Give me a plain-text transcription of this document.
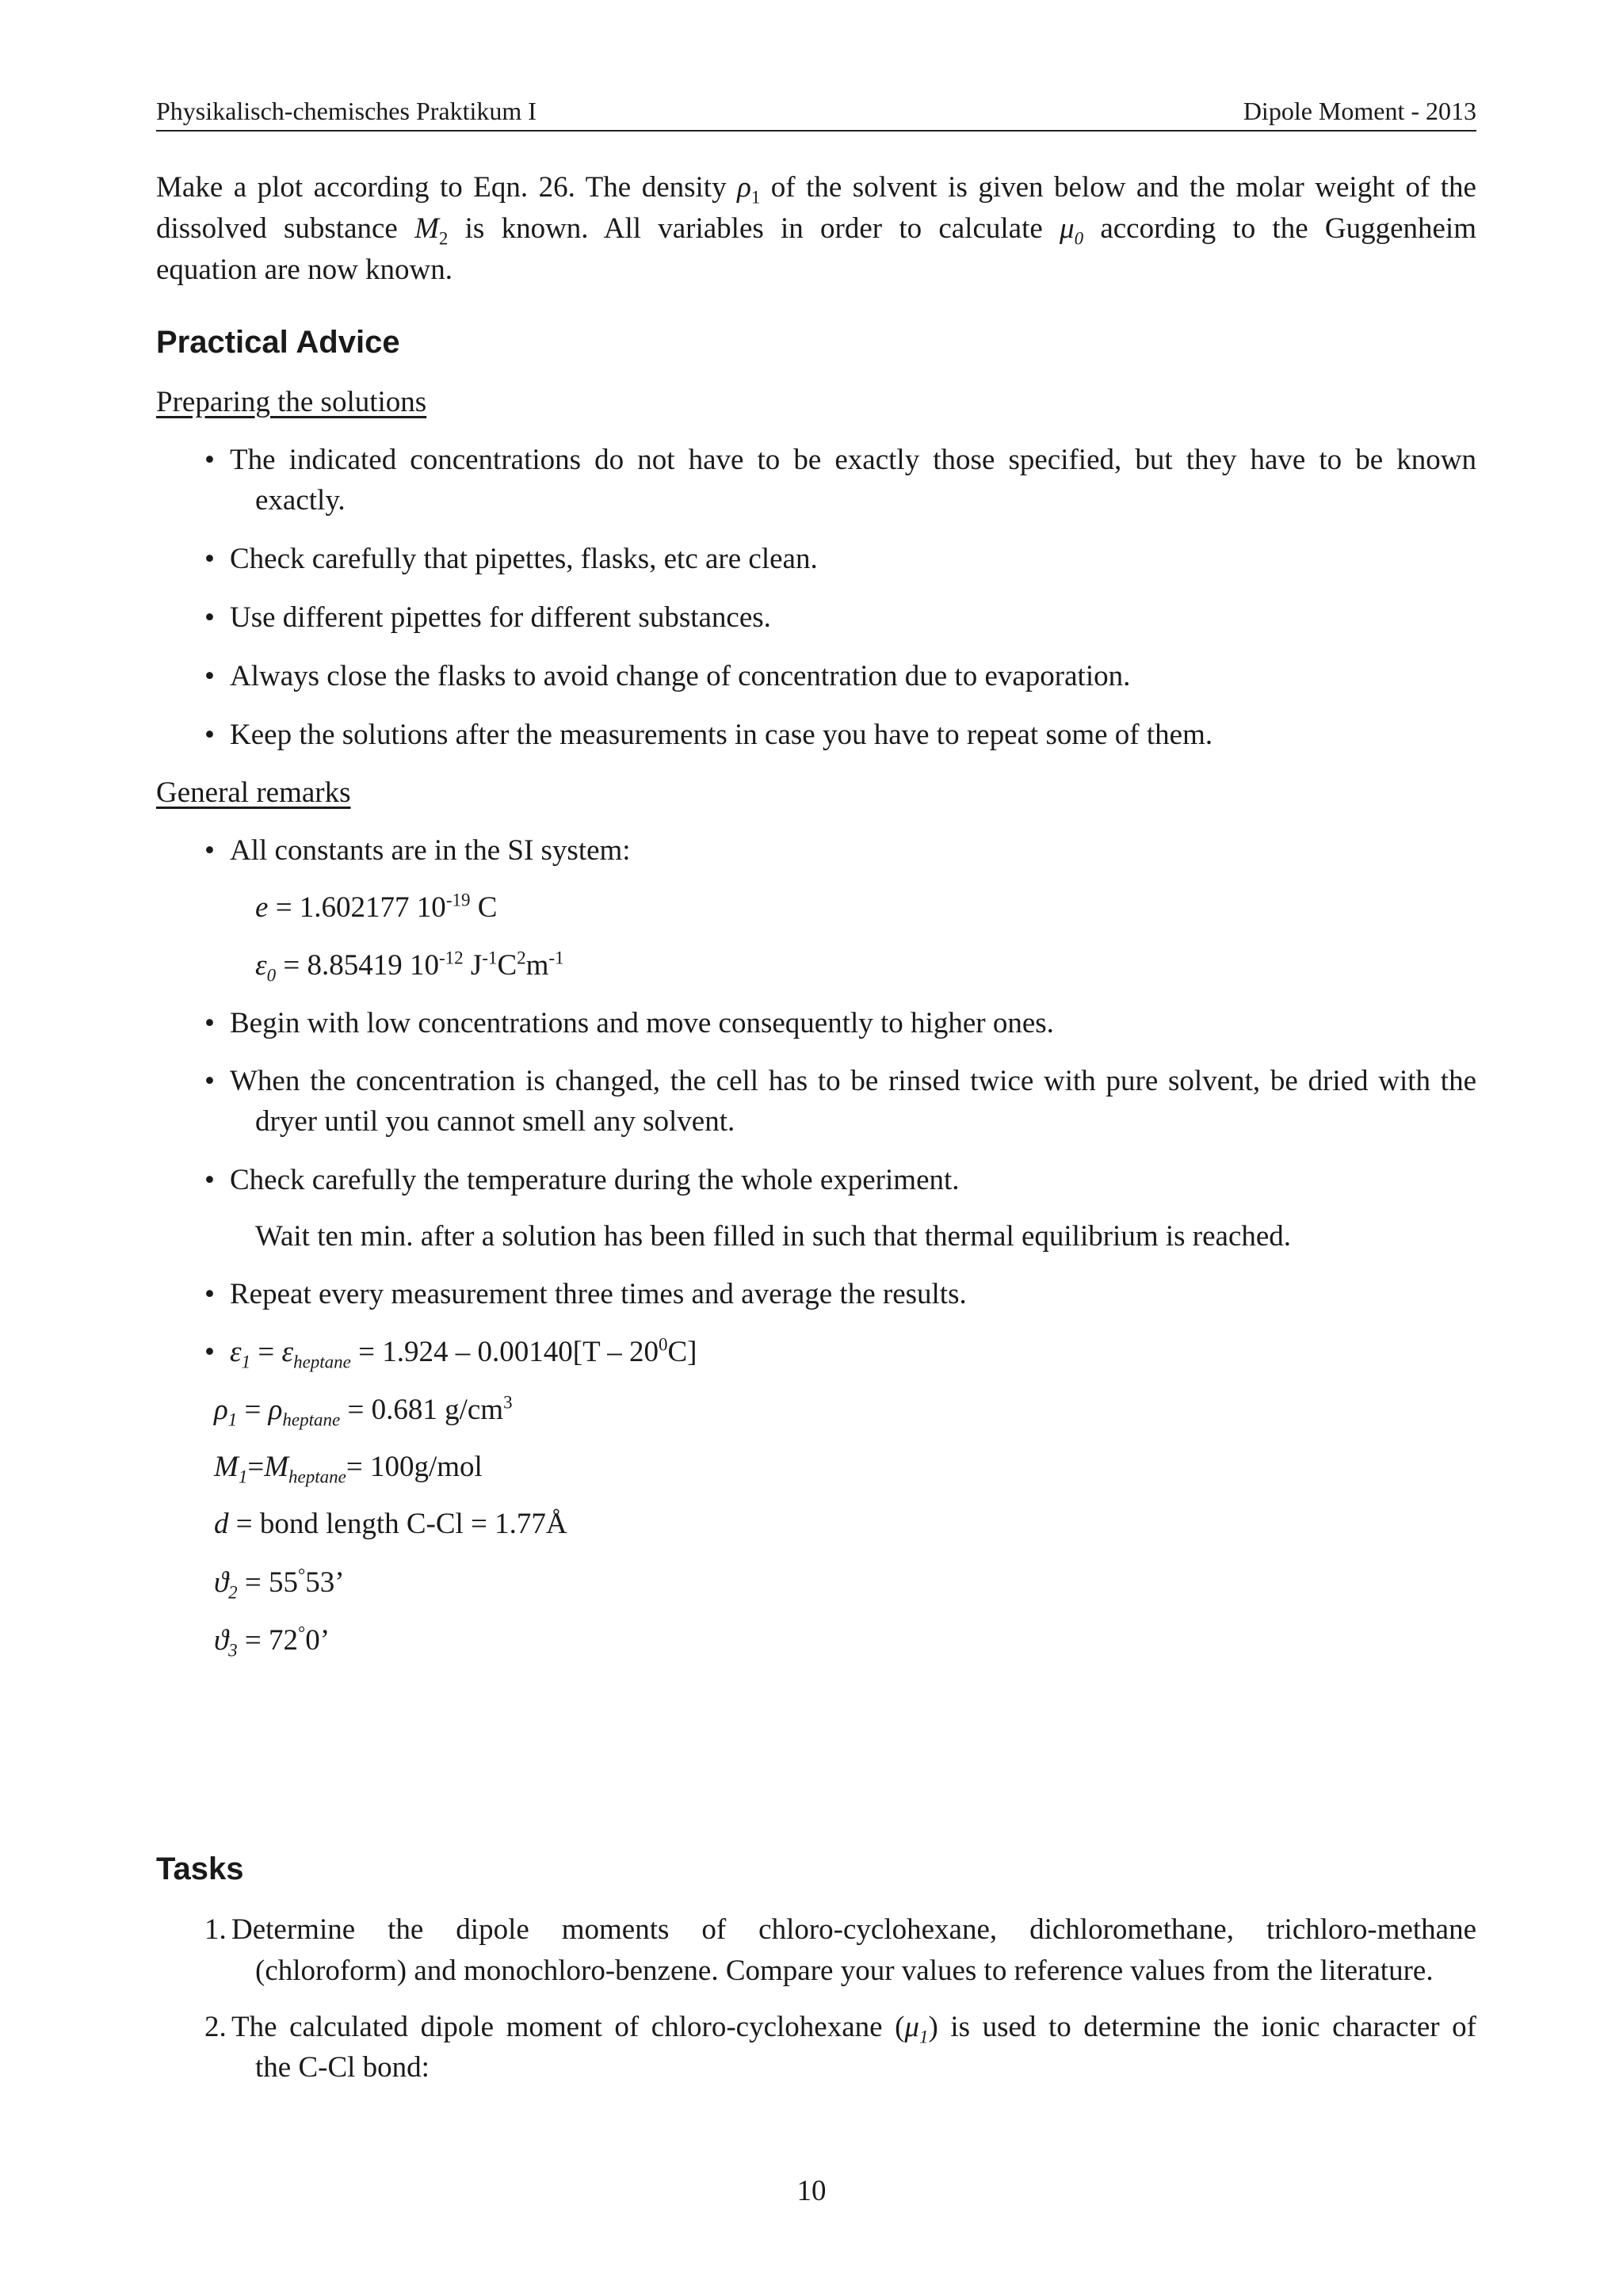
Physikalisch-chemisches Praktikum I	Dipole Moment - 2013
Make a plot according to Eqn. 26. The density $\rho_1$ of the solvent is given below and the molar weight of the
dissolved substance $M_2$ is known. All variables in order to calculate $\mu_0$ according to the Guggenheim
equation are now known.
Practical Advice
Preparing the solutions
• The indicated concentrations do not have to be exactly those specified, but they have to be known
exactly.
• Check carefully that pipettes, flasks, etc are clean.
• Use different pipettes for different substances.
• Always close the flasks to avoid change of concentration due to evaporation.
• Keep the solutions after the measurements in case you have to repeat some of them.
General remarks
• All constants are in the SI system:
e = 1.602177 $10^{-19}$ C
$\varepsilon_0 = 8.85419$ $10^{-12}$ $J^{-1}C^2m^{-1}$
• Begin with low concentrations and move consequently to higher ones.
• When the concentration is changed, the cell has to be rinsed twice with pure solvent, be dried with the
dryer until you cannot smell any solvent.
• Check carefully the temperature during the whole experiment.
Wait ten min. after a solution has been filled in such that thermal equilibrium is reached.
• Repeat every measurement three times and average the results.
• $\varepsilon_1 = \varepsilon_{heptane} = 1.924 - 0.00140[T - 20^0C]$
$\rho_1 = \rho_{heptane} = 0.681$ $g/cm^3$
$M_1=M_{heptane}= 100g/mol$
d = bond length C-Cl = 1.77Å
$ϑ_2 = 55^\circ 53$’
$ϑ_3 = 72^\circ 0$’
Tasks
1. Determine the dipole moments of chloro-cyclohexane, dichloromethane, trichloro-methane
(chloroform) and monochloro-benzene. Compare your values to reference values from the literature.
2. The calculated dipole moment of chloro-cyclohexane $(\mu_1)$ is used to determine the ionic character of
the C-Cl bond:
10
